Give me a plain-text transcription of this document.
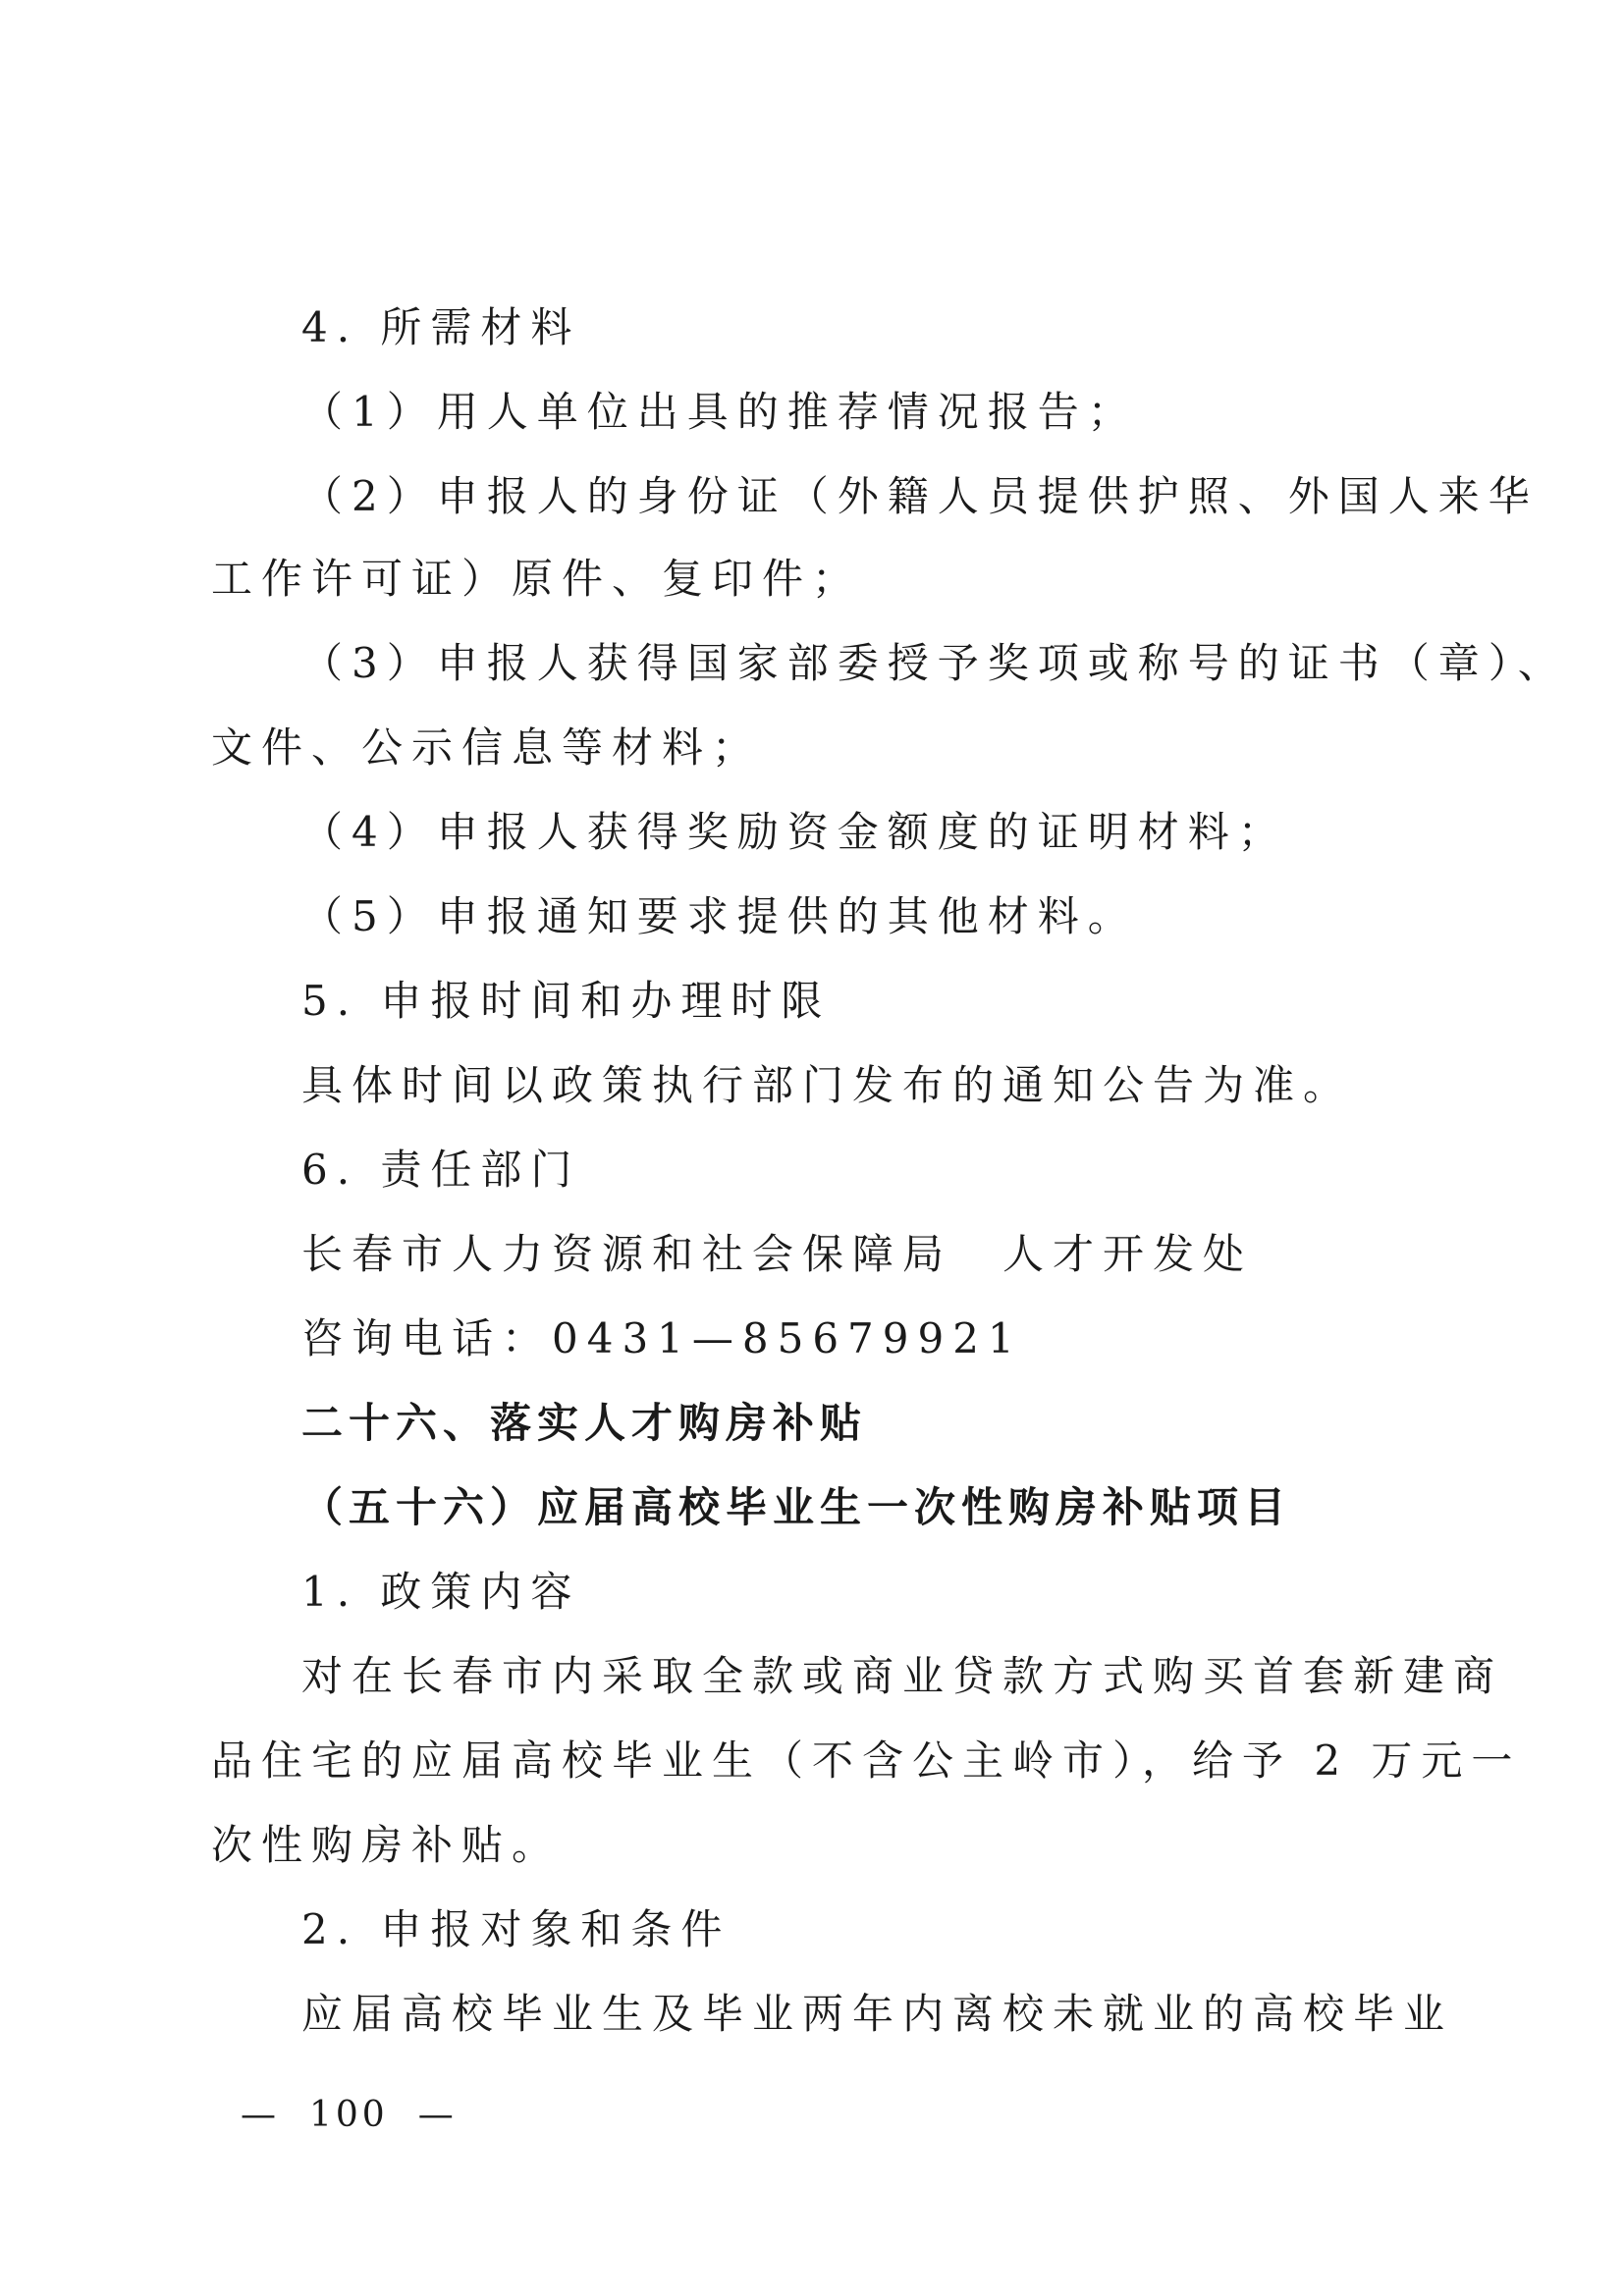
4. 所需材料
（1）用人单位出具的推荐情况报告；
（2）申报人的身份证（外籍人员提供护照、外国人来华
工作许可证）原件、复印件；
（3）申报人获得国家部委授予奖项或称号的证书（章）、
文件、公示信息等材料；
（4）申报人获得奖励资金额度的证明材料；
（5）申报通知要求提供的其他材料。
5. 申报时间和办理时限
具体时间以政策执行部门发布的通知公告为准。
6. 责任部门
长春市人力资源和社会保障局　人才开发处
咨询电话：0431—85679921
二十六、落实人才购房补贴
（五十六）应届高校毕业生一次性购房补贴项目
1. 政策内容
对在长春市内采取全款或商业贷款方式购买首套新建商
品住宅的应届高校毕业生（不含公主岭市），给予 2 万元一
次性购房补贴。
2. 申报对象和条件
应届高校毕业生及毕业两年内离校未就业的高校毕业
— 100 —
